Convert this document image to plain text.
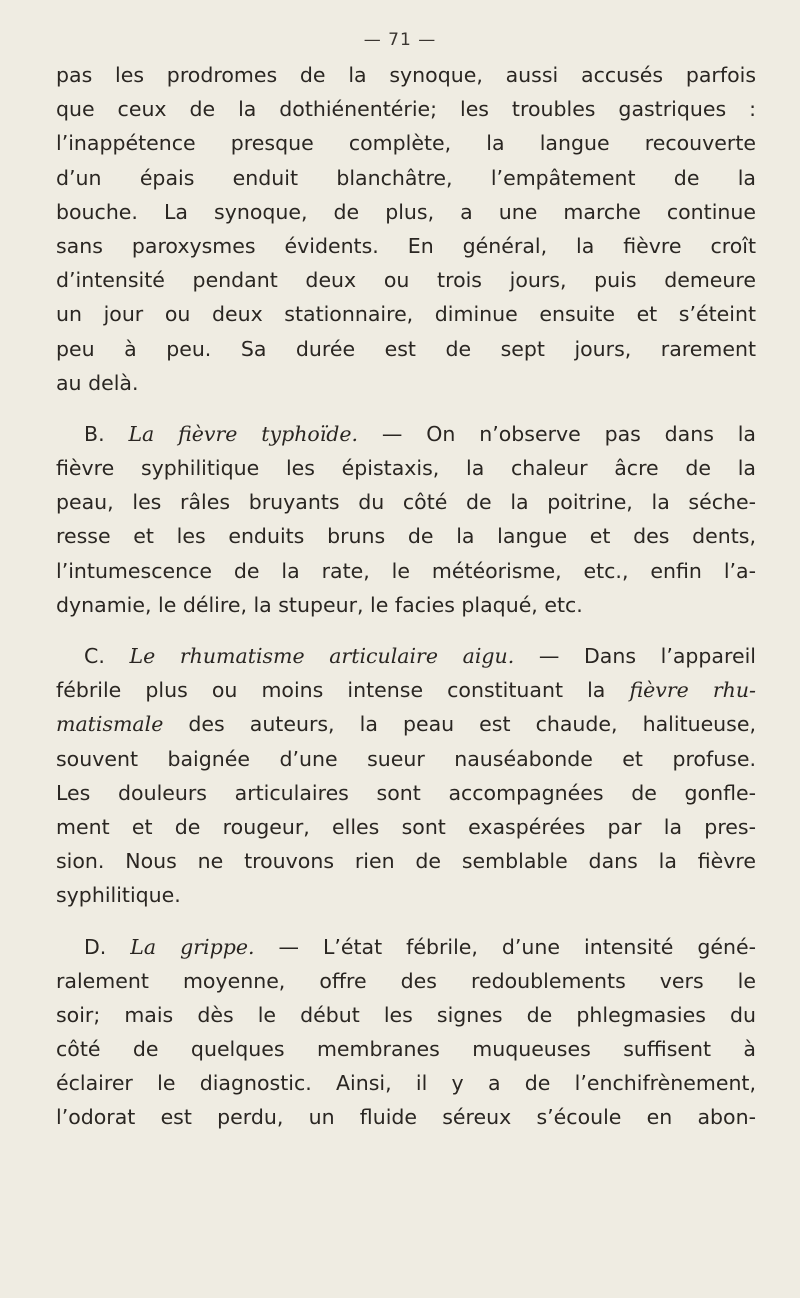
— 71 —
pas les prodromes de la synoque, aussi accusés parfois
que ceux de la dothiénentérie; les troubles gastriques :
l’inappétence presque complète, la langue recouverte
d’un épais enduit blanchâtre, l’empâtement de la
bouche. La synoque, de plus, a une marche continue
sans paroxysmes évidents. En général, la fièvre croît
d’intensité pendant deux ou trois jours, puis demeure
un jour ou deux stationnaire, diminue ensuite et s’éteint
peu à peu. Sa durée est de sept jours, rarement
au delà.
B. La fièvre typhoïde. — On n’observe pas dans la
fièvre syphilitique les épistaxis, la chaleur âcre de la
peau, les râles bruyants du côté de la poitrine, la séche-
resse et les enduits bruns de la langue et des dents,
l’intumescence de la rate, le météorisme, etc., enfin l’a-
dynamie, le délire, la stupeur, le facies plaqué, etc.
C. Le rhumatisme articulaire aigu. — Dans l’appareil
fébrile plus ou moins intense constituant la fièvre rhu-
matismale des auteurs, la peau est chaude, halitueuse,
souvent baignée d’une sueur nauséabonde et profuse.
Les douleurs articulaires sont accompagnées de gonfle-
ment et de rougeur, elles sont exaspérées par la pres-
sion. Nous ne trouvons rien de semblable dans la fièvre
syphilitique.
D. La grippe. — L’état fébrile, d’une intensité géné-
ralement moyenne, offre des redoublements vers le
soir; mais dès le début les signes de phlegmasies du
côté de quelques membranes muqueuses suffisent à
éclairer le diagnostic. Ainsi, il y a de l’enchifrènement,
l’odorat est perdu, un fluide séreux s’écoule en abon-
